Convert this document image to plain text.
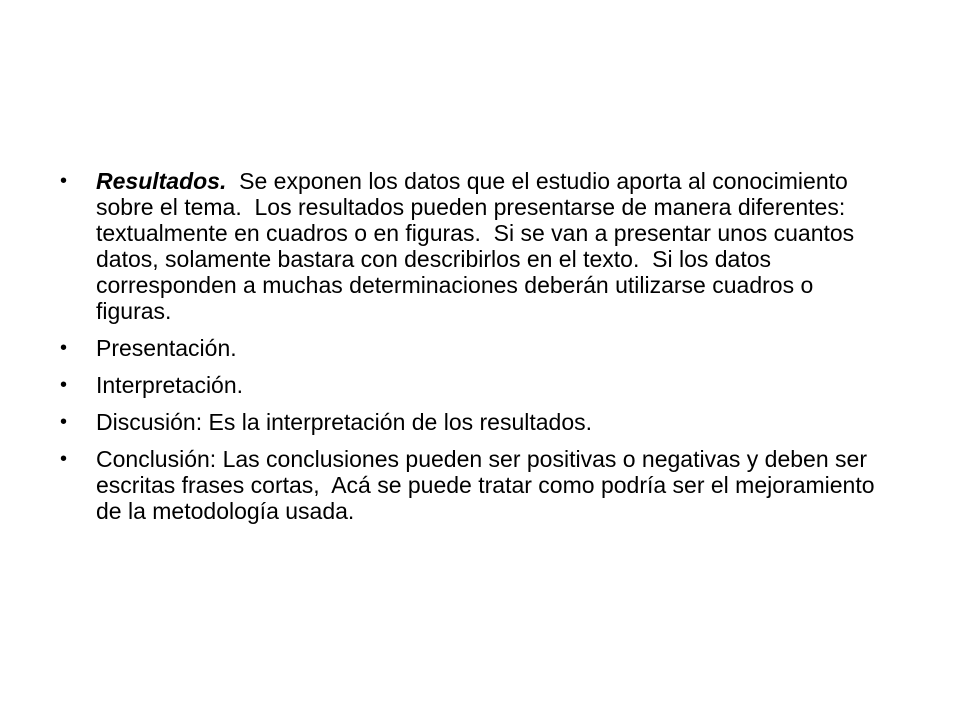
•	Resultados.  Se exponen los datos que el estudio aporta al conocimiento sobre el tema.  Los resultados pueden presentarse de manera diferentes: textualmente en cuadros o en figuras.  Si se van a presentar unos cuantos datos, solamente bastara con describirlos en el texto.  Si los datos corresponden a muchas determinaciones deberán utilizarse cuadros o figuras.
•	Presentación.
•	Interpretación.
•	Discusión: Es la interpretación de los resultados.
•	Conclusión: Las conclusiones pueden ser positivas o negativas y deben ser escritas frases cortas,  Acá se puede tratar como podría ser el mejoramiento de la metodología usada.
